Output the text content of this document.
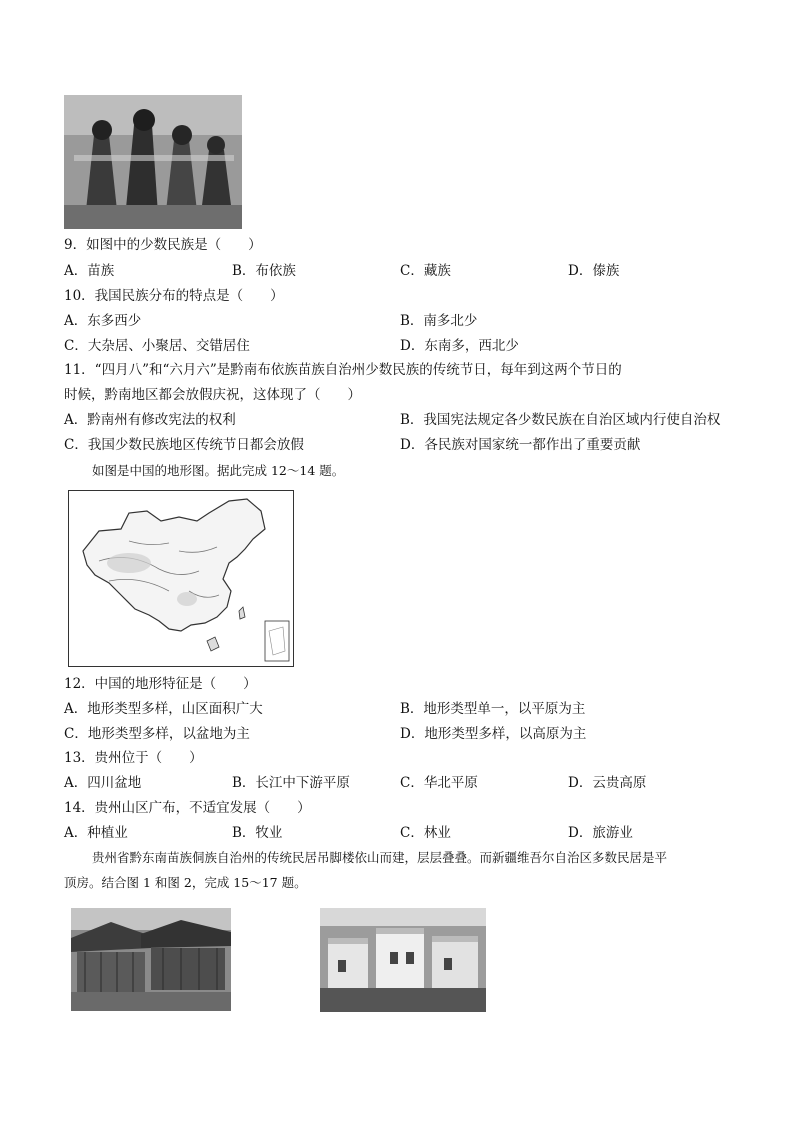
9．如图中的少数民族是（　　）
A．苗族	B．布依族	C．藏族	D．傣族
10．我国民族分布的特点是（　　）
A．东多西少	B．南多北少
C．大杂居、小聚居、交错居住	D．东南多，西北少
11．“四月八”和“六月六”是黔南布依族苗族自治州少数民族的传统节日，每年到这两个节日的
时候，黔南地区都会放假庆祝，这体现了（　　）
A．黔南州有修改宪法的权利	B．我国宪法规定各少数民族在自治区域内行使自治权
C．我国少数民族地区传统节日都会放假	D．各民族对国家统一都作出了重要贡献
如图是中国的地形图。据此完成 12～14 题。
12．中国的地形特征是（　　）
A．地形类型多样，山区面积广大	B．地形类型单一，以平原为主
C．地形类型多样，以盆地为主	D．地形类型多样，以高原为主
13．贵州位于（　　）
A．四川盆地	B．长江中下游平原	C．华北平原	D．云贵高原
14．贵州山区广布，不适宜发展（　　）
A．种植业	B．牧业	C．林业	D．旅游业
贵州省黔东南苗族侗族自治州的传统民居吊脚楼依山而建，层层叠叠。而新疆维吾尔自治区多数民居是平
顶房。结合图 1 和图 2，完成 15～17 题。
